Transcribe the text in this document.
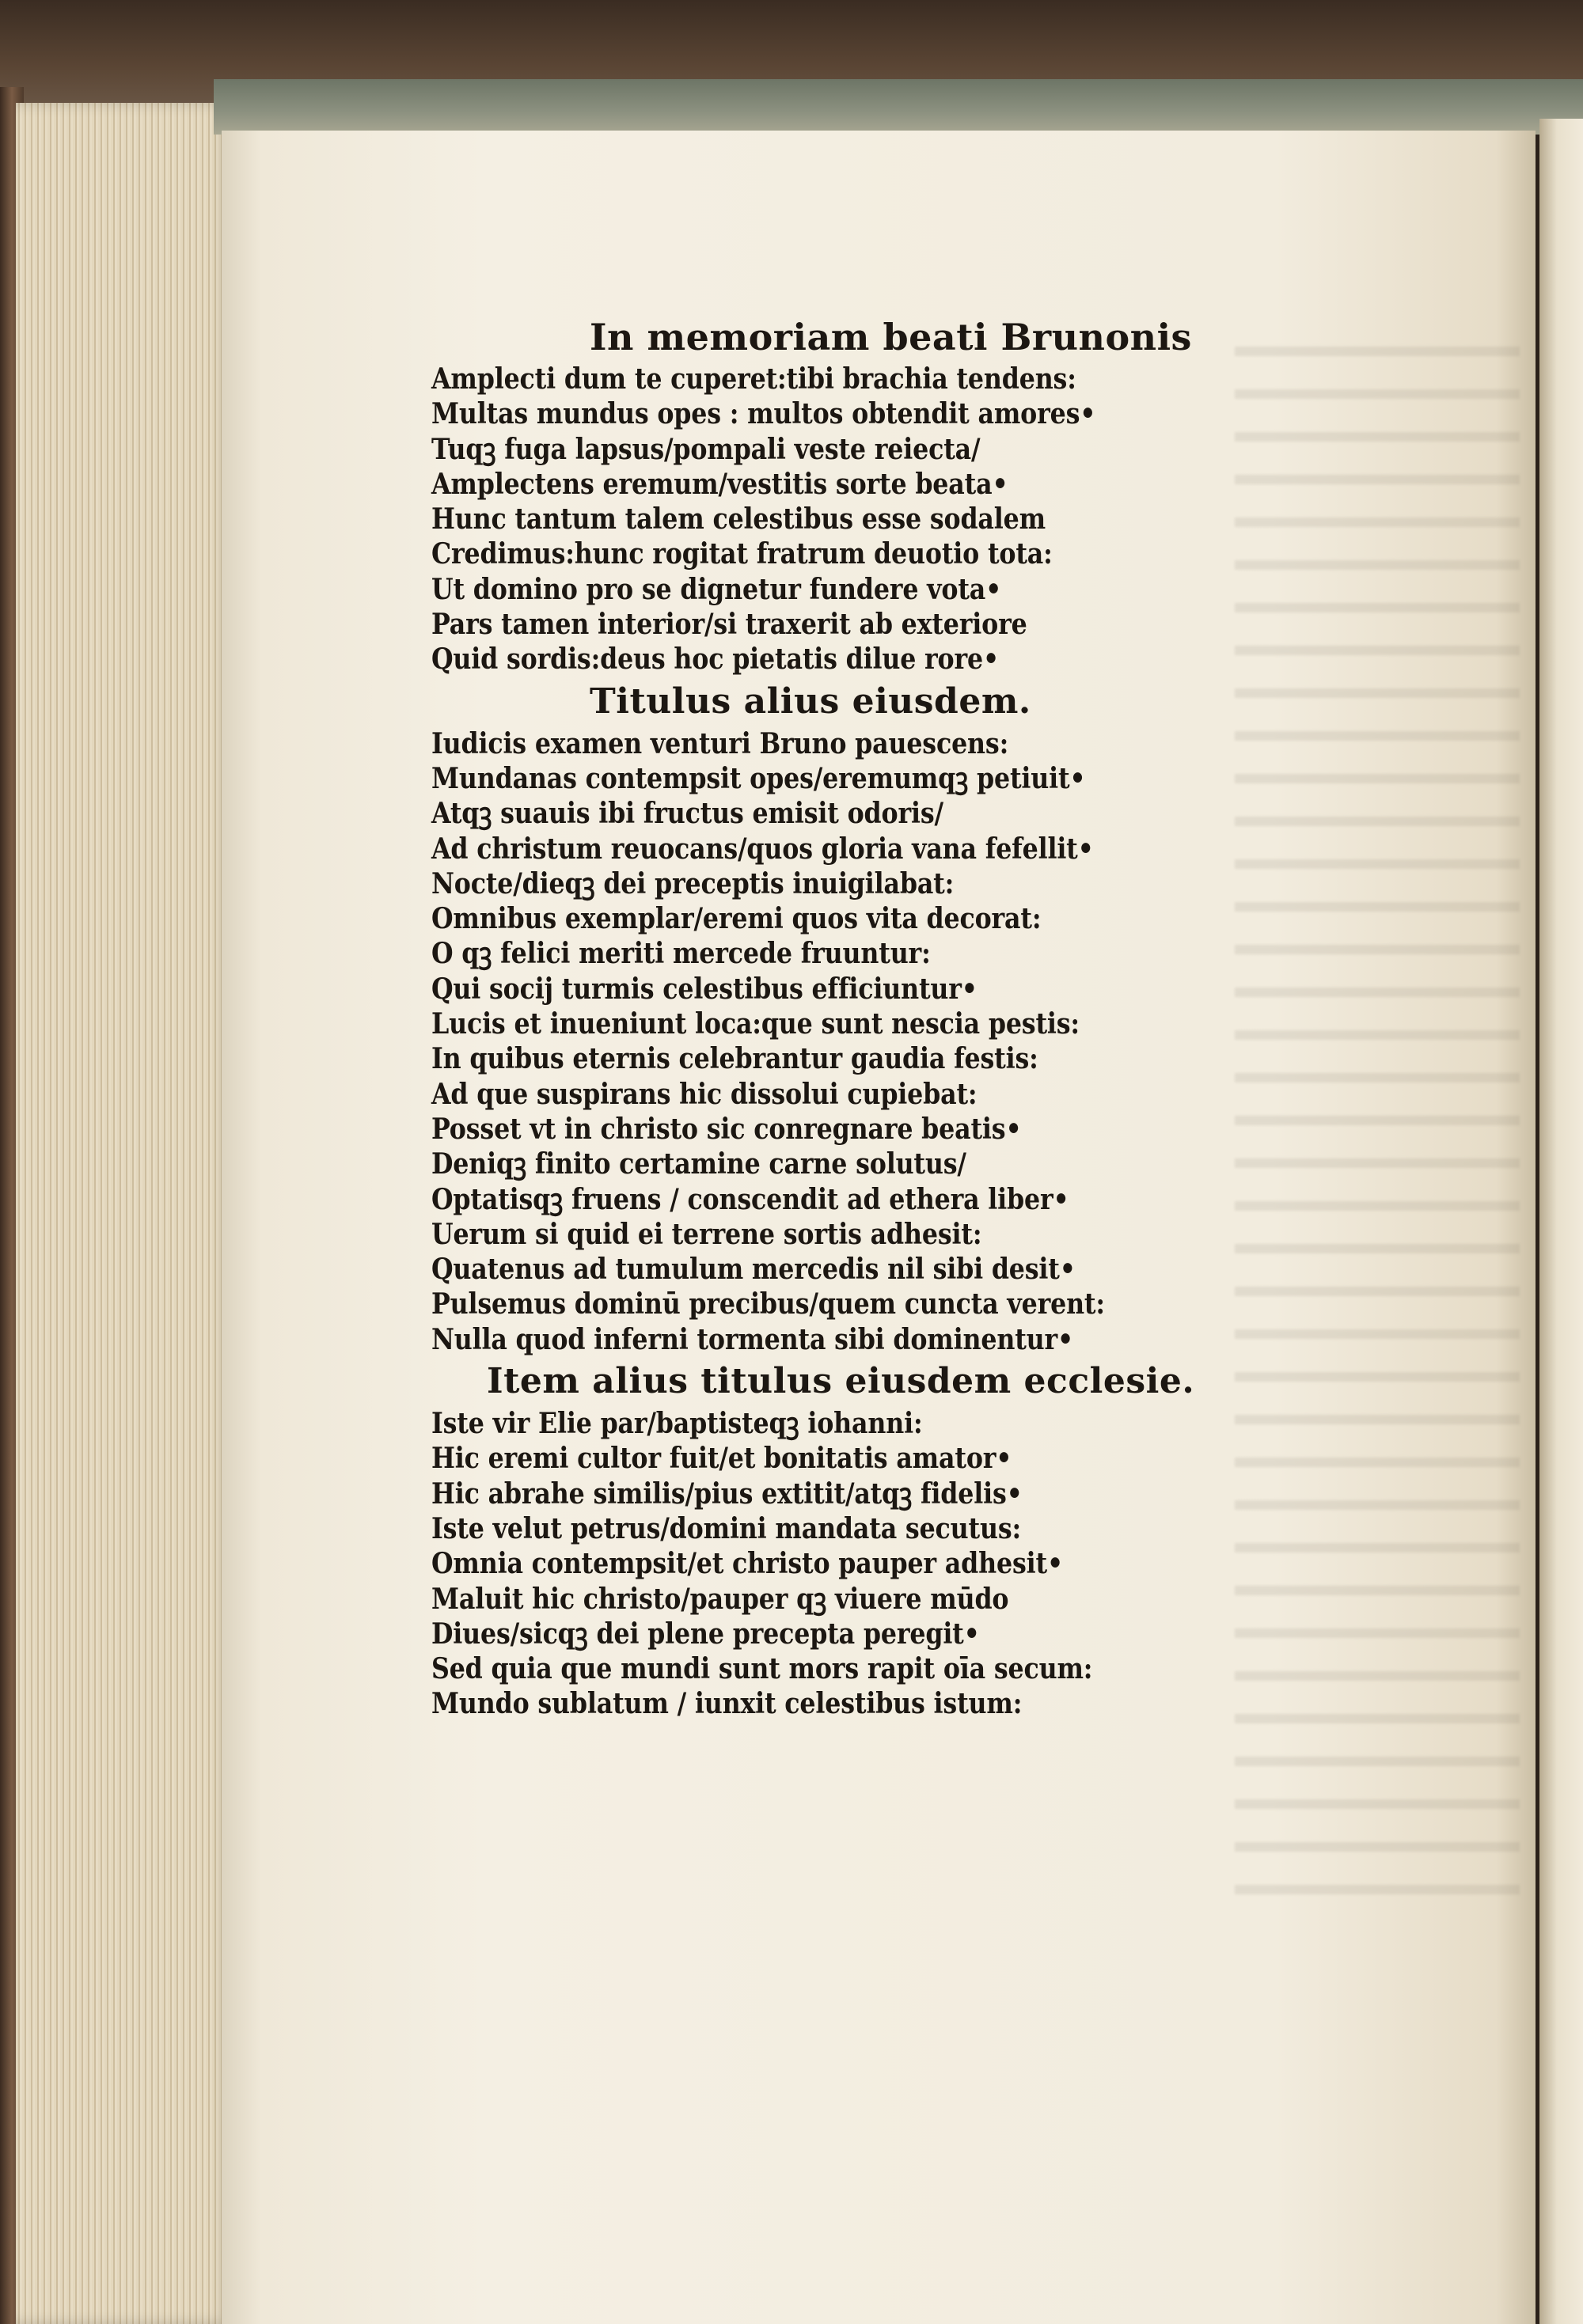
In memoriam beati Brunonis
Amplecti dum te cuperet:tibi brachia tendens:
Multas mundus opes : multos obtendit amores•
Tuqꝫ fuga lapsus/pompali veste reiecta/
Amplectens eremum/vestitis sorte beata•
Hunc tantum talem celestibus esse sodalem
Credimus:hunc rogitat fratrum deuotio tota:
Ut domino pro se dignetur fundere vota•
Pars tamen interior/si traxerit ab exteriore
Quid sordis:deus hoc pietatis dilue rore•
Titulus alius eiusdem.
Iudicis examen venturi Bruno pauescens:
Mundanas contempsit opes/eremumqꝫ petiuit•
Atqꝫ suauis ibi fructus emisit odoris/
Ad christum reuocans/quos gloria vana fefellit•
Nocte/dieqꝫ dei preceptis inuigilabat:
Omnibus exemplar/eremi quos vita decorat:
O qꝫ felici meriti mercede fruuntur:
Qui socij turmis celestibus efficiuntur•
Lucis et inueniunt loca:que sunt nescia pestis:
In quibus eternis celebrantur gaudia festis:
Ad que suspirans hic dissolui cupiebat:
Posset vt in christo sic conregnare beatis•
Deniqꝫ finito certamine carne solutus/
Optatisqꝫ fruens / conscendit ad ethera liber•
Uerum si quid ei terrene sortis adhesit:
Quatenus ad tumulum mercedis nil sibi desit•
Pulsemus dominū precibus/quem cuncta verent:
Nulla quod inferni tormenta sibi dominentur•
Item alius titulus eiusdem ecclesie.
Iste vir Elie par/baptisteqꝫ iohanni:
Hic eremi cultor fuit/et bonitatis amator•
Hic abrahe similis/pius extitit/atqꝫ fidelis•
Iste velut petrus/domini mandata secutus:
Omnia contempsit/et christo pauper adhesit•
Maluit hic christo/pauper qꝫ viuere mūdo
Diues/sicqꝫ dei plene precepta peregit•
Sed quia que mundi sunt mors rapit oīa secum:
Mundo sublatum / iunxit celestibus istum:
